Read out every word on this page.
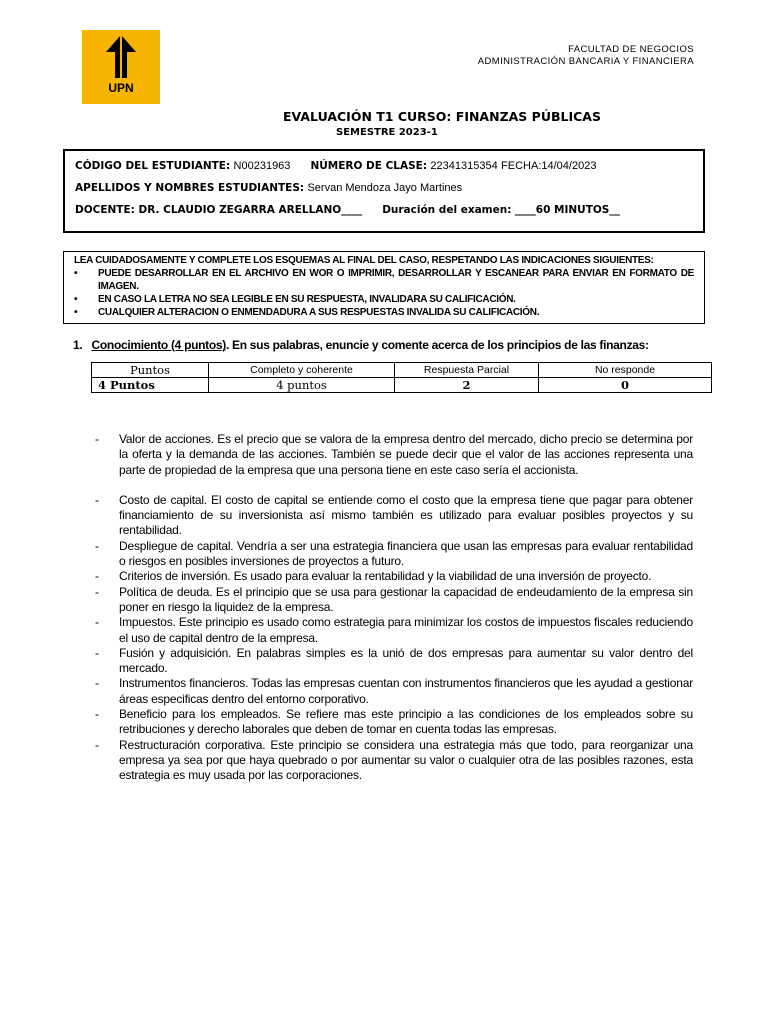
UPN
FACULTAD DE NEGOCIOS
ADMINISTRACIÓN BANCARIA Y FINANCIERA
EVALUACIÓN T1 CURSO: FINANZAS PÚBLICAS
SEMESTRE 2023-1
CÓDIGO DEL ESTUDIANTE: N00231963 NÚMERO DE CLASE: 22341315354 FECHA:14/04/2023
APELLIDOS Y NOMBRES ESTUDIANTES: Servan Mendoza Jayo Martines
DOCENTE: DR. CLAUDIO ZEGARRA ARELLANO____ Duración del examen: ____60 MINUTOS__

LEA CUIDADOSAMENTE Y COMPLETE LOS ESQUEMAS AL FINAL DEL CASO, RESPETANDO LAS INDICACIONES SIGUIENTES:

• PUEDE DESARROLLAR EN EL ARCHIVO EN WOR O IMPRIMIR, DESARROLLAR Y ESCANEAR PARA ENVIAR EN FORMATO DE IMAGEN.
• EN CASO LA LETRA NO SEA LEGIBLE EN SU RESPUESTA, INVALIDARA SU CALIFICACIÓN.
• CUALQUIER ALTERACION O ENMENDADURA A SUS RESPUESTAS INVALIDA SU CALIFICACIÓN.
1. Conocimiento (4 puntos). En sus palabras, enuncie y comente acerca de los principios de las finanzas:
Puntos	Completo y coherente	Respuesta Parcial	No responde
4 Puntos	4 puntos	2	0

- Valor de acciones. Es el precio que se valora de la empresa dentro del mercado, dicho precio se determina por la oferta y la demanda de las acciones. También se puede decir que el valor de las acciones representa una parte de propiedad de la empresa que una persona tiene en este caso sería el accionista.

- Costo de capital. El costo de capital se entiende como el costo que la empresa tiene que pagar para obtener financiamiento de su inversionista así mismo también es utilizado para evaluar posibles proyectos y su rentabilidad.

- Despliegue de capital. Vendría a ser una estrategia financiera que usan las empresas para evaluar rentabilidad o riesgos en posibles inversiones de proyectos a futuro.

- Criterios de inversión. Es usado para evaluar la rentabilidad y la viabilidad de una inversión de proyecto.

- Política de deuda. Es el principio que se usa para gestionar la capacidad de endeudamiento de la empresa sin poner en riesgo la liquidez de la empresa.

- Impuestos. Este principio es usado como estrategia para minimizar los costos de impuestos fiscales reduciendo el uso de capital dentro de la empresa.

- Fusión y adquisición. En palabras simples es la unió de dos empresas para aumentar su valor dentro del mercado.

- Instrumentos financieros. Todas las empresas cuentan con instrumentos financieros que les ayudad a gestionar áreas especificas dentro del entorno corporativo.

- Beneficio para los empleados. Se refiere mas este principio a las condiciones de los empleados sobre su retribuciones y derecho laborales que deben de tomar en cuenta todas las empresas.

- Restructuración corporativa. Este principio se considera una estrategia más que todo, para reorganizar una empresa ya sea por que haya quebrado o por aumentar su valor o cualquier otra de las posibles razones, esta estrategia es muy usada por las corporaciones.
